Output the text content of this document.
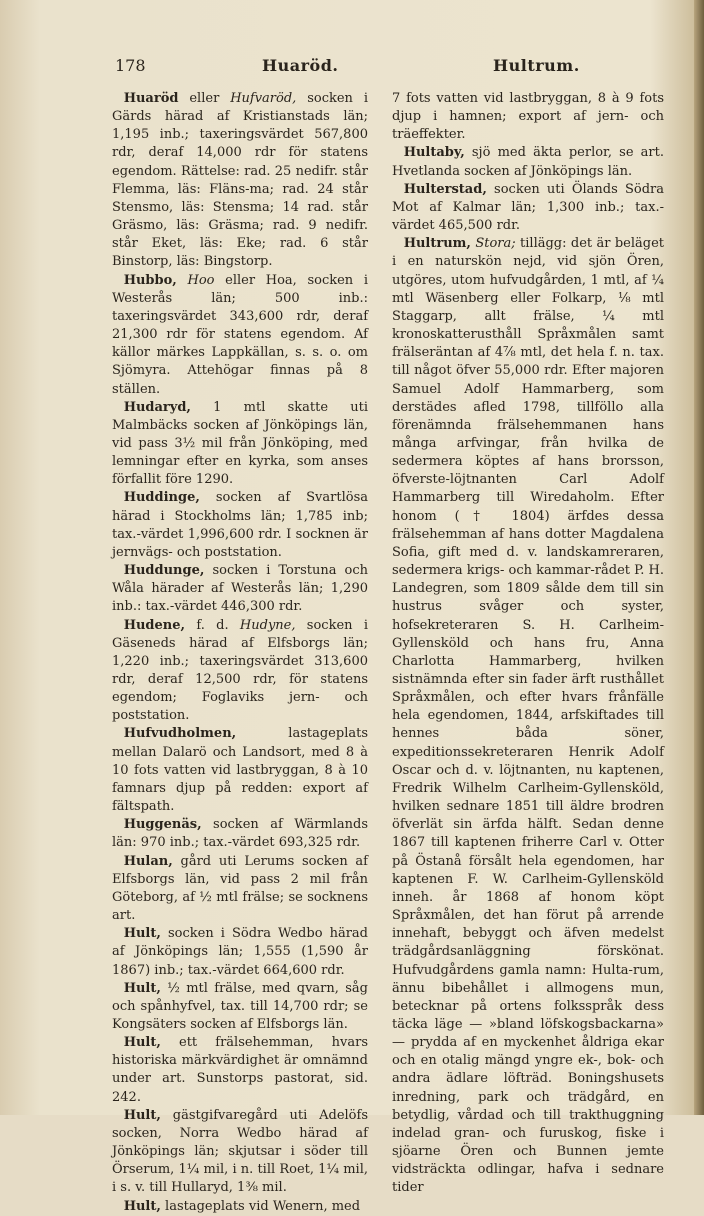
178	Huaröd.	Hultrum.

Huaröd eller Hufvaröd, socken i Gärds härad af Kristianstads län; 1,195 inb.; taxeringsvärdet 567,800 rdr, deraf 14,000 rdr för statens egendom. Rättelse: rad. 25 nedifr. står Flemma, läs: Fläns-ma; rad. 24 står Stensmo, läs: Stensma; 14 rad. står Gräsmo, läs: Gräsma; rad. 9 nedifr. står Eket, läs: Eke; rad. 6 står Binstorp, läs: Bingstorp.

Hubbo, Hoo eller Hoa, socken i Westerås län; 500 inb.: taxeringsvärdet 343,600 rdr, deraf 21,300 rdr för statens egendom. Af källor märkes Lappkällan, s. s. o. om Sjömyra. Attehögar finnas på 8 ställen.

Hudaryd, 1 mtl skatte uti Malmbäcks socken af Jönköpings län, vid pass 3½ mil från Jönköping, med lemningar efter en kyrka, som anses förfallit före 1290.

Huddinge, socken af Svartlösa härad i Stockholms län; 1,785 inb; tax.-värdet 1,996,600 rdr. I socknen är jernvägs- och poststation.

Huddunge, socken i Torstuna och Wåla härader af Westerås län; 1,290 inb.: tax.-värdet 446,300 rdr.

Hudene, f. d. Hudyne, socken i Gäseneds härad af Elfsborgs län; 1,220 inb.; taxeringsvärdet 313,600 rdr, deraf 12,500 rdr, för statens egendom; Foglaviks jern- och poststation.

Hufvudholmen, lastageplats mellan Dalarö och Landsort, med 8 à 10 fots vatten vid lastbryggan, 8 à 10 famnars djup på redden: export af fältspath.

Huggenäs, socken af Wärmlands län: 970 inb.; tax.-värdet 693,325 rdr.

Hulan, gård uti Lerums socken af Elfsborgs län, vid pass 2 mil från Göteborg, af ½ mtl frälse; se socknens art.

Hult, socken i Södra Wedbo härad af Jönköpings län; 1,555 (1,590 år 1867) inb.; tax.-värdet 664,600 rdr.

Hult, ½ mtl frälse, med qvarn, såg och spånhyfvel, tax. till 14,700 rdr; se Kongsäters socken af Elfsborgs län.

Hult, ett frälsehemman, hvars historiska märkvärdighet är omnämnd under art. Sunstorps pastorat, sid. 242.

Hult, gästgifvaregård uti Adelöfs socken, Norra Wedbo härad af Jönköpings län; skjutsar i söder till Örserum, 1¼ mil, i n. till Roet, 1¼ mil, i s. v. till Hullaryd, 1⅜ mil.

Hult, lastageplats vid Wenern, med

7 fots vatten vid lastbryggan, 8 à 9 fots djup i hamnen; export af jern- och träeffekter.

Hultaby, sjö med äkta perlor, se art. Hvetlanda socken af Jönköpings län.

Hulterstad, socken uti Ölands Södra Mot af Kalmar län; 1,300 inb.; tax.-värdet 465,500 rdr.

Hultrum, Stora; tillägg: det är beläget i en naturskön nejd, vid sjön Ören, utgöres, utom hufvudgården, 1 mtl, af ¼ mtl Wäsenberg eller Folkarp, ⅛ mtl Staggarp, allt frälse, ¼ mtl kronoskatterusthåll Språxmålen samt frälseräntan af 4⅞ mtl, det hela f. n. tax. till något öfver 55,000 rdr. Efter majoren Samuel Adolf Hammarberg, som derstädes afled 1798, tillföllo alla förenämnda frälsehemmanen hans många arfvingar, från hvilka de sedermera köptes af hans brorsson, öfverste-löjtnanten Carl Adolf Hammarberg till Wiredaholm. Efter honom († 1804) ärfdes dessa frälsehemman af hans dotter Magdalena Sofia, gift med d. v. landskamreraren, sedermera krigs- och kammar-rådet P. H. Landegren, som 1809 sålde dem till sin hustrus svåger och syster, hofsekreteraren S. H. Carlheim-Gyllensköld och hans fru, Anna Charlotta Hammarberg, hvilken sistnämnda efter sin fader ärft rusthållet Språxmålen, och efter hvars frånfälle hela egendomen, 1844, arfskiftades till hennes båda söner, expeditionssekreteraren Henrik Adolf Oscar och d. v. löjtnanten, nu kaptenen, Fredrik Wilhelm Carlheim-Gyllensköld, hvilken sednare 1851 till äldre brodren öfverlät sin ärfda hälft. Sedan denne 1867 till kaptenen friherre Carl v. Otter på Östanå försålt hela egendomen, har kaptenen F. W. Carlheim-Gyllensköld inneh. år 1868 af honom köpt Språxmålen, det han förut på arrende innehaft, bebyggt och äfven medelst trädgårdsanläggning förskönat. Hufvudgårdens gamla namn: Hulta-rum, ännu bibehållet i allmogens mun, betecknar på ortens folksspråk dess täcka läge — »bland löfskogsbackarna» — prydda af en myckenhet åldriga ekar och en otalig mängd yngre ek-, bok- och andra ädlare löfträd. Boningshusets inredning, park och trädgård, en betydlig, vårdad och till trakthuggning indelad gran- och furuskog, fiske i sjöarne Ören och Bunnen jemte vidsträckta odlingar, hafva i sednare tider
